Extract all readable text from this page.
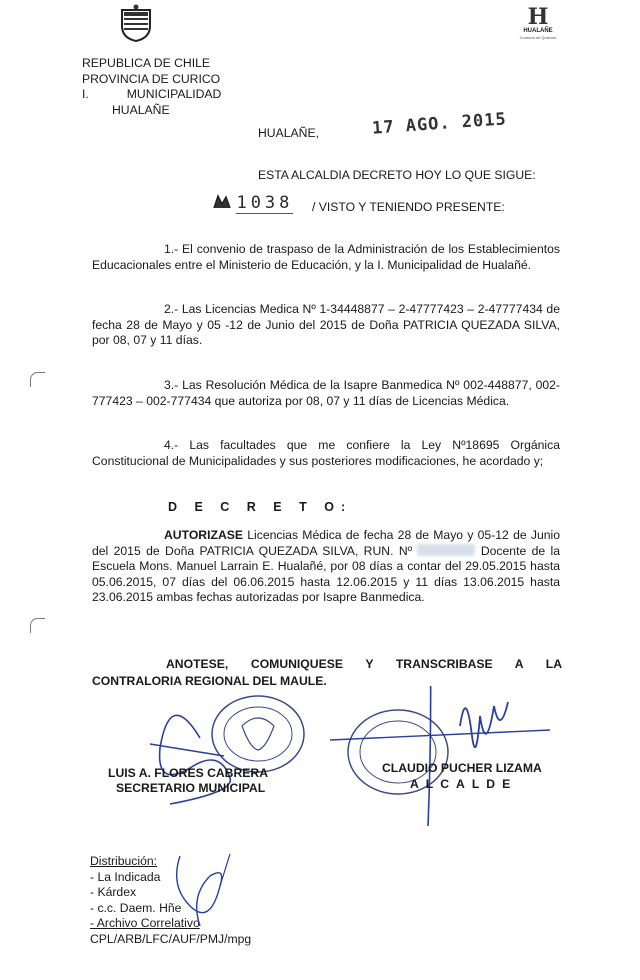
H
HUALAÑE
Comuna de Quienes
REPUBLICA DE CHILE
PROVINCIA DE CURICO
I.	MUNICIPALIDAD
HUALAÑE
HUALAÑE,	17 AGO. 2015
ESTA ALCALDIA DECRETO HOY LO QUE SIGUE:
1038 / VISTO Y TENIENDO PRESENTE:
1.- El convenio de traspaso de la Administración de los Establecimientos Educacionales entre el Ministerio de Educación, y la I. Municipalidad de Hualañé.
2.- Las Licencias Medica Nº 1-34448877 – 2-47777423 – 2-47777434 de fecha 28 de Mayo y 05 -12 de Junio del 2015 de Doña PATRICIA QUEZADA SILVA, por 08, 07 y 11 días.
3.- Las Resolución Médica de la Isapre Banmedica Nº 002-448877, 002-777423 – 002-777434 que autoriza por 08, 07 y 11 días de Licencias Médica.
4.- Las facultades que me confiere la Ley Nº18695 Orgánica Constitucional de Municipalidades y sus posteriores modificaciones, he acordado y;
D E C R E T O:
AUTORIZASE Licencias Médica de fecha 28 de Mayo y 05-12 de Junio del 2015 de Doña PATRICIA QUEZADA SILVA, RUN. Nº	Docente de la Escuela Mons. Manuel Larrain E. Hualañé, por 08 días a contar del 29.05.2015 hasta 05.06.2015, 07 días del 06.06.2015 hasta 12.06.2015 y 11 días 13.06.2015 hasta 23.06.2015 ambas fechas autorizadas por Isapre Banmedica.
ANOTESE, COMUNIQUESE Y TRANSCRIBASE A LA
CONTRALORIA REGIONAL DEL MAULE.
LUIS A. FLORES CABRERA
SECRETARIO MUNICIPAL
CLAUDIO PUCHER LIZAMA
ALCALDE
Distribución:
- La Indicada
- Kárdex
- c.c. Daem. Hñe
- Archivo Correlativo
CPL/ARB/LFC/AUF/PMJ/mpg
